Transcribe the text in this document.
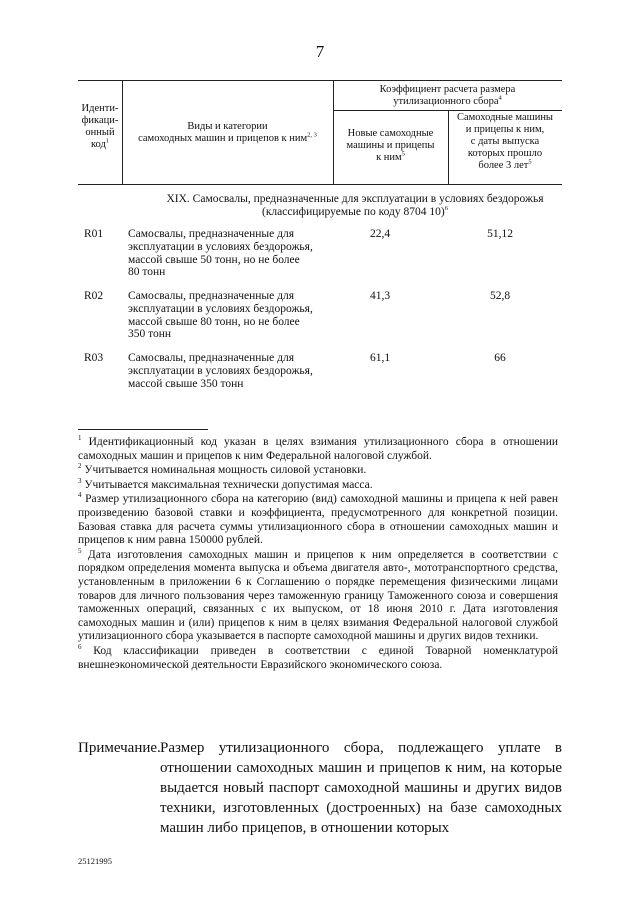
7
Иденти-
фикаци-
онный
код$^1$
Виды и категории
самоходных машин и прицепов к ним$^{2, 3}$
Коэффициент расчета размера
утилизационного сбора$^4$
Новые самоходные
машины и прицепы
к ним$^5$
Самоходные машины
и прицепы к ним,
с даты выпуска
которых прошло
более 3 лет$^5$
XIX. Самосвалы, предназначенные для эксплуатации в условиях бездорожья
(классифицируемые по коду 8704 10)$^6$
R01 Самосвалы, предназначенные для
эксплуатации в условиях бездорожья,
массой свыше 50 тонн, но не более
80 тонн
22,4	51,12
R02 Самосвалы, предназначенные для
эксплуатации в условиях бездорожья,
массой свыше 80 тонн, но не более
350 тонн
41,3	52,8
R03 Самосвалы, предназначенные для
эксплуатации в условиях бездорожья,
массой свыше 350 тонн
61,1	66

$^1$ Идентификационный код указан в целях взимания утилизационного сбора в отношении самоходных машин и прицепов к ним Федеральной налоговой службой.

$^2$ Учитывается номинальная мощность силовой установки.

$^3$ Учитывается максимальная технически допустимая масса.

$^4$ Размер утилизационного сбора на категорию (вид) самоходной машины и прицепа к ней равен произведению базовой ставки и коэффициента, предусмотренного для конкретной позиции. Базовая ставка для расчета суммы утилизационного сбора в отношении самоходных машин и прицепов к ним равна 150000 рублей.

$^5$ Дата изготовления самоходных машин и прицепов к ним определяется в соответствии с порядком определения момента выпуска и объема двигателя авто-, мототранспортного средства, установленным в приложении 6 к Соглашению о порядке перемещения физическими лицами товаров для личного пользования через таможенную границу Таможенного союза и совершения таможенных операций, связанных с их выпуском, от 18 июня 2010 г. Дата изготовления самоходных машин и (или) прицепов к ним в целях взимания Федеральной налоговой службой утилизационного сбора указывается в паспорте самоходной машины и других видов техники.

$^6$ Код классификации приведен в соответствии с единой Товарной номенклатурой внешнеэкономической деятельности Евразийского экономического союза.

Примечание. Размер утилизационного сбора, подлежащего уплате в отношении самоходных машин и прицепов к ним, на которые выдается новый паспорт самоходной машины и других видов техники, изготовленных (достроенных) на базе самоходных машин либо прицепов, в отношении которых
25121995
